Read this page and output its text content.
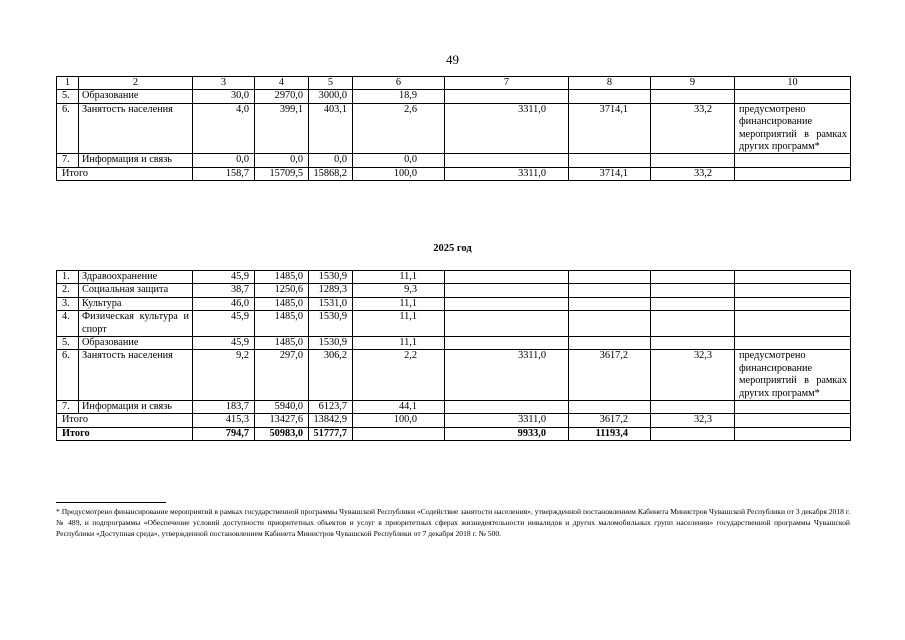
49
1	2	3	4	5	6	7	8	9	10
5.	Образование	30,0	2970,0	3000,0	18,9				
6.	Занятость населения	4,0	399,1	403,1	2,6	3311,0	3714,1	33,2	предусмотрено финансирование мероприятий в рамках других программ*
7.	Информация и связь	0,0	0,0	0,0	0,0				
Итого		158,7	15709,5	15868,2	100,0	3311,0	3714,1	33,2	
2025 год
1.	Здравоохранение	45,9	1485,0	1530,9	11,1				
2.	Социальная защита	38,7	1250,6	1289,3	9,3				
3.	Культура	46,0	1485,0	1531,0	11,1				
4.	Физическая культура и спорт	45,9	1485,0	1530,9	11,1				
5.	Образование	45,9	1485,0	1530,9	11,1				
6.	Занятость населения	9,2	297,0	306,2	2,2	3311,0	3617,2	32,3	предусмотрено финансирование мероприятий в рамках других программ*
7.	Информация и связь	183,7	5940,0	6123,7	44,1				
Итого		415,3	13427,6	13842,9	100,0	3311,0	3617,2	32,3	
Итого		794,7	50983,0	51777,7		9933,0	11193,4		
* Предусмотрено финансирование мероприятий в рамках государственной программы Чувашской Республики «Содействие занятости населения», утвержденной постановлением Кабинета Министров Чувашской Республики от 3 декабря 2018 г. № 489, и подпрограммы «Обеспечение условий доступности приоритетных объектов и услуг в приоритетных сферах жизнедеятельности инвалидов и других маломобильных групп населения» государственной программы Чувашской Республики «Доступная среда», утвержденной постановлением Кабинета Министров Чувашской Республики от 7 декабря 2018 г. № 500.
